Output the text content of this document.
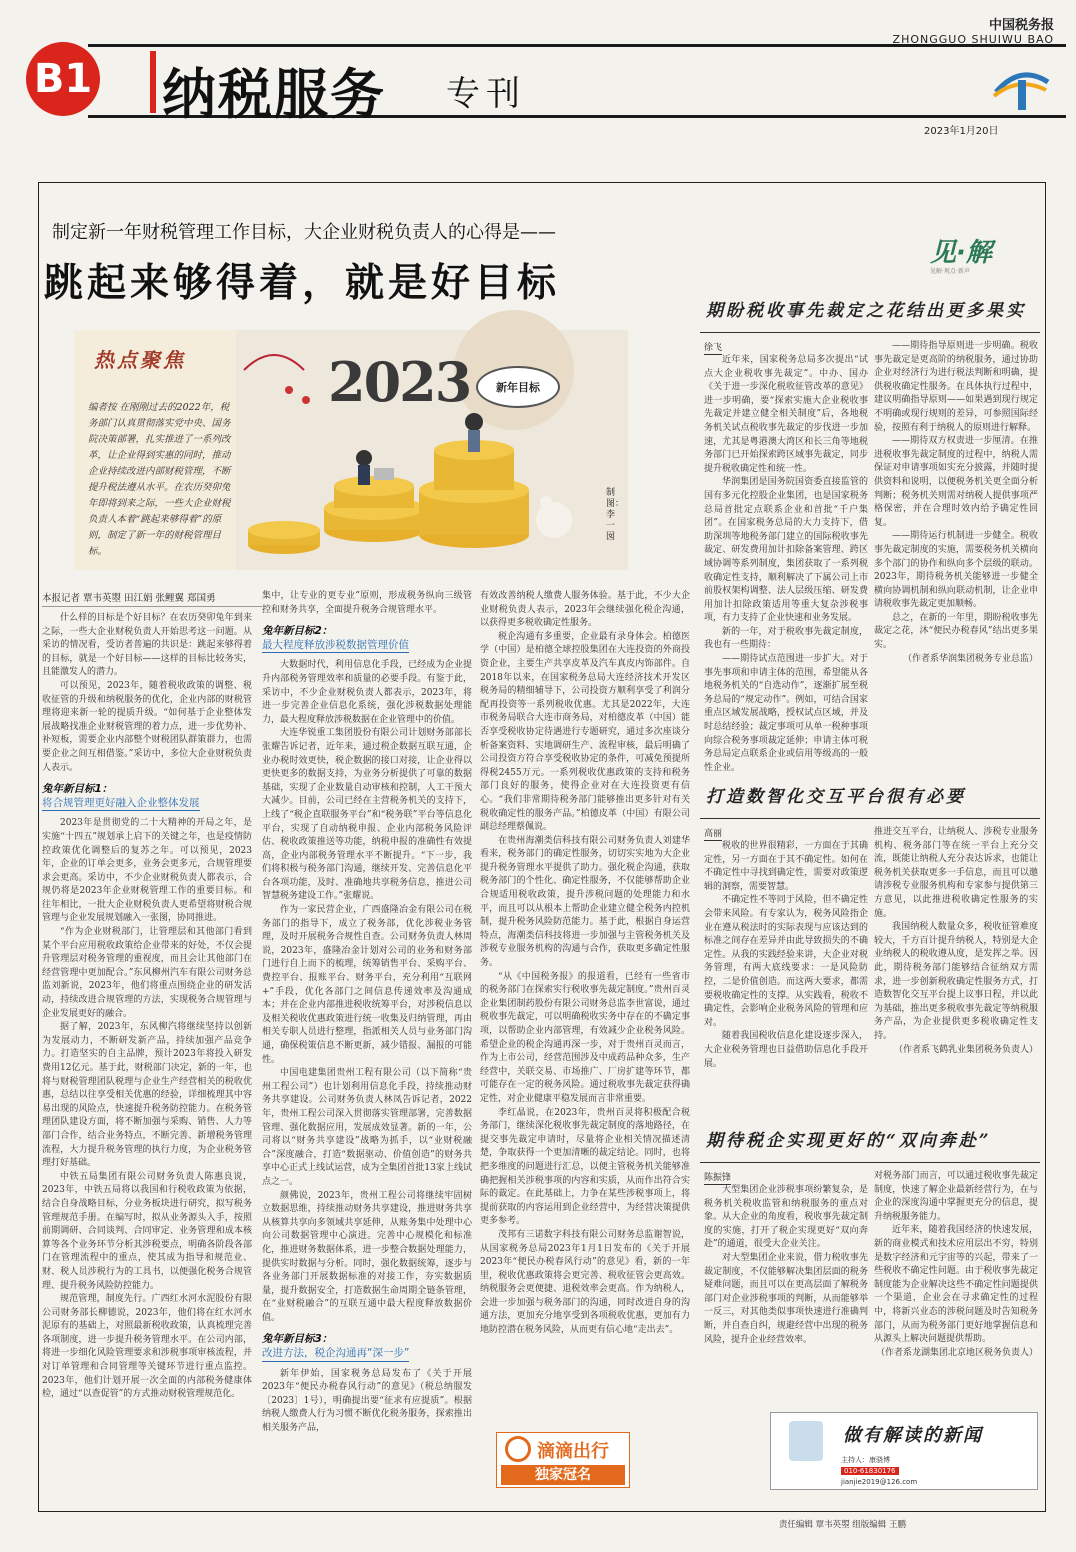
B1 纳税服务 专刊
中国税务报
ZHONGGUO SHUIWU BAO
2023年1月20日
制定新一年财税管理工作目标，大企业财税负责人的心得是——
跳起来够得着，就是好目标
热点聚焦
编者按 在刚刚过去的2022年，税务部门认真贯彻落实党中央、国务院决策部署，扎实推进了一系列改革，让企业得到实惠的同时，推动企业持续改进内部财税管理，不断提升税法遵从水平。在农历癸卯兔年即将到来之际，一些大企业财税负责人本着“跳起来够得着”的原则，制定了新一年的财税管理目标。
2023	新年目标
制图：李一囡
本报记者 覃韦英曌 田江娟 张鲤翼 郑国勇

什么样的目标是个好目标？在农历癸卯兔年到来之际，一些大企业财税负责人开始思考这一问题。从采访的情况看，受访者普遍的共识是：跳起来够得着的目标，就是一个好目标——这样的目标比较务实，且能激发人的潜力。

可以预见，2023年，随着税收政策的调整、税收征管的升级和纳税服务的优化，企业内部的财税管理将迎来新一轮的提质升级。“如何基于企业整体发展战略找准企业财税管理的着力点，进一步优势补、补短板，需要企业内部整个财税团队群策群力，也需要企业之间互相借鉴。”采访中，多位大企业财税负责人表示。

兔年新目标1：
将合规管理更好融入企业整体发展

2023年是贯彻党的二十大精神的开局之年，是实施“十四五”规划承上启下的关键之年，也是疫情防控政策优化调整后的复苏之年。可以预见，2023年，企业的订单会更多，业务会更多元，合规管理要求会更高。采访中，不少企业财税负责人都表示，合规仍将是2023年企业财税管理工作的重要目标。和往年相比，一批大企业财税负责人更希望将财税合规管理与企业发展规划融入一张图，协同推进。

“作为企业财税部门，让管理层和其他部门看到某个平台应用税收政策给企业带来的好处，不仅会提升管理层对税务管理的重视度，而且会让其他部门在经营管理中更加配合。”东风柳州汽车有限公司财务总监刘新说，2023年，他们将重点围绕企业的研发活动，持续改进合规管理的方法，实现税务合规管理与企业发展更好的融合。

据了解，2023年，东风柳汽将继续坚持以创新为发展动力，不断研发新产品，持续加强产品竞争力。打造坚实的自主品牌，预计2023年将投入研发费用12亿元。基于此，财税部门决定，新的一年，也将与财税管理团队税理与企业生产经营相关的税收优惠，总结以往享受相关优惠的经验，详细梳理其中容易出现的风险点，快速提升税务防控能力。在税务管理团队建设方面，将不断加强与采购、销售、人力等部门合作，结合业务特点，不断完善、新增税务管理流程，大力提升税务管理的执行力度，为企业税务管理打好基础。

中铁五局集团有限公司财务负责人陈惠良说，2023年，中铁五局将以我国和行税收政策为依据，结合自身战略目标，分业务板块进行研究，拟写税务管理规范手册。在编写时，拟从业务源头入手，按照前期调研、合同谈判、合同审定、业务管理和成本核算等各个业务环节分析其涉税要点，明确各阶段各部门在管理流程中的重点，使其成为指导和规范业、财、税人员涉税行为的工具书，以便强化税务合规管理、提升税务风险防控能力。

规范管理，制度先行。广西红水河水泥股份有限公司财务部长柳德说，2023年，他们将在红水河水泥原有的基础上，对照最新税收政策，认真梳理完善各项制度，进一步提升税务管理水平。在公司内部，将进一步细化风险管理要求和涉税事项审核流程，并对订单管理和合同管理等关键环节进行重点监控。2023年，他们计划开展一次全面的内部税务健康体检，通过“以查促管”的方式推动财税管理规范化。

集中，让专业的更专业”原则，形成税务纵向三级管控和财务共享，全面提升税务合规管理水平。

兔年新目标2：
最大程度释放涉税数据管理价值

大数据时代，利用信息化手段，已经成为企业提升内部税务管理效率和质量的必要手段。有鉴于此，采访中，不少企业财税负责人都表示，2023年，将进一步完善企业信息化系统，强化涉税数据处理能力，最大程度释放涉税数据在企业管理中的价值。

大连华锐重工集团股份有限公司计划财务部部长张耀告诉记者，近年来，通过税企数据互联互通，企业办税时效更快，税企数据的接口对接，让企业得以更快更多的数据支持，为业务分析提供了可靠的数据基础，实现了企业数量自动审核和控制，人工干预大大减少。目前，公司已经在主营税务机关的支持下，上线了“税企直联服务平台”和“税务联”平台等信息化平台，实现了自动纳税申报、企业内部税务风险评估、税收政策推送等功能，纳税申报的准确性有效提高，企业内部税务管理水平不断提升。“下一步，我们将积极与税务部门沟通，继续开发、完善信息化平台各项功能，及时、准确地共享税务信息，推进公司智慧税务建设工作。”张耀说。

作为一家民营企业，广西盛隆冶金有限公司在税务部门的指导下，成立了税务部，优化涉税业务管理，及时开展税务合规性自查。公司财务负责人林周说，2023年，盛隆冶金计划对公司的业务和财务部门进行自上而下的梳理，统筹销售平台、采购平台、费控平台、报账平台、财务平台，充分利用“互联网+”手段，优化各部门之间信息传递效率及沟通成本；并在企业内部推进税收统筹平台，对涉税信息以及相关税收优惠政策进行统一收集及归纳管理，再由相关专职人员进行整理，指派相关人员与业务部门沟通，确保税策信息不断更新，减少错报、漏报的可能性。

中国电建集团贵州工程有限公司（以下简称“贵州工程公司”）也计划利用信息化手段，持续推动财务共享建设。公司财务负责人林凤告诉记者，2022年，贵州工程公司深入贯彻落实管理部署，完善数据管理、强化数据应用，发展成效显著。新的一年，公司将以“财务共享建设”战略为抓手，以“业财税融合”深度融合，打造“数据驱动、价值创造”的财务共享中心正式上线试运营，成为全集团首批13家上线试点之一。

颜佛说，2023年，贵州工程公司将继续牢固树立数据思维，持续推动财务共享建设，推进财务共享从核算共享向多领域共享延伸，从账务集中处理中心向公司数据管理中心演进。完善中心规模化和标准化，推进财务数据体系，进一步整合数据处理能力，提供实时数据与分析。同时，强化数据统筹，逐步与各业务部门开展数据标准的对接工作，夯实数据质量，提升数据安全，打造数据生命周期全链条管理，在“业财税融合”的互联互通中最大程度释放数据价值。

兔年新目标3：
改进方法，税企沟通再“深一步”

新年伊始，国家税务总局发布了《关于开展2023年“便民办税春风行动”的意见》（税总纳服发〔2023〕1号），明确提出要“征求有应提质”。根据纳税人缴费人行为习惯不断优化税务服务，探索推出相关服务产品，

有效改善纳税人缴费人服务体验。基于此，不少大企业财税负责人表示，2023年会继续强化税企沟通，以获得更多税收确定性服务。

税企沟通有多重要，企业最有录身体会。柏德医学（中国）是柏德全球控股集团在大连投资的外商投资企业，主要生产共享皮革及汽车真皮内饰部件。自2018年以来，在国家税务总局大连经济技术开发区税务局的精细辅导下，公司投资方顺利享受了利润分配再投资等一系列税收优惠。尤其是2022年，大连市税务局联合大连市商务局，对柏德皮革（中国）能否享受税收协定待遇进行专题研究，通过多次座谈分析备案资料、实地调研生产、流程审核，最后明确了公司投资方符合享受税收协定的条件，可减免预提所得税2455万元。一系列税收优惠政策的支持和税务部门良好的服务，使得企业对在大连投资更有信心。“我们非常期待税务部门能够推出更多针对有关税收确定性的服务产品。”柏德皮革（中国）有限公司副总经理蔡佩说。

在贵州海潮类信科技有限公司财务负责人刘建华看来，税务部门的确定性服务，切切实实地为大企业提升税务管理水平提供了助力。强化税企沟通，获取税务部门的个性化、确定性服务，不仅能够帮助企业合规适用税收政策，提升涉税问题的处理能力和水平，而且可以从根本上帮助企业建立健全税务内控机制，提升税务风险防范能力。基于此，根据自身运营特点，海潮类信科技将进一步加强与主管税务机关及涉税专业服务机构的沟通与合作，获取更多确定性服务。

“从《中国税务报》的报道看，已经有一些省市的税务部门在探索实行税收事先裁定制度。”贵州百灵企业集团制药股份有限公司财务总监李世富说，通过税收事先裁定，可以明确税收实务中存在的不确定事项，以帮助企业内部管理，有效减少企业税务风险。希望企业的税企沟通再深一步，对于贵州百灵而言，作为上市公司，经营范围涉及中成药品种众多，生产经营中，关联交易、市场推广、厂房扩建等环节，都可能存在一定的税务风险。通过税收事先裁定获得确定性，对企业健康平稳发展而言非常重要。

李红晶说，在2023年，贵州百灵将积极配合税务部门，继续深化税收事先裁定制度的落地路径，在提交事先裁定申请时，尽量将企业相关情况描述清楚，争取获得一个更加清晰的裁定结论。同时，也将把多维度的问题进行汇总，以便主管税务机关能够准确把握相关涉税事项的内容和实质，从而作出符合实际的裁定。在此基础上，力争在某些涉税事项上，将提前获取的内容运用到企业经营中，为经营决策提供更多参考。

茂邦有三诺数字科技有限公司财务总监谢智说，从国家税务总局2023年1月1日发布的《关于开展2023年“便民办税春风行动”的意见》看，新的一年里，税收优惠政策将会更完善、税收征管会更高效。纳税服务会更便捷、退税效率会更高。作为纳税人，会进一步加强与税务部门的沟通，同时改进自身的沟通方法，更加充分地享受到各项税收优惠，更加有力地防控潜在税务风险，从而更有信心地“走出去”。

滴滴出行
独家冠名
见·解
见解·观点·新声
期盼税收事先裁定之花结出更多果实
徐飞

近年来，国家税务总局多次提出“试点大企业税收事先裁定”。中办、国办《关于进一步深化税收征管改革的意见》进一步明确，要“探索实施大企业税收事先裁定并建立健全相关制度”后，各地税务机关试点税收事先裁定的步伐进一步加速，尤其是粤港澳大湾区和长三角等地税务部门已开始探索跨区域事先裁定，同步提升税收确定性和统一性。

华润集团是国务院国资委直接监管的国有多元化控股企业集团，也是国家税务总局首批定点联系企业和首批“千户集团”。在国家税务总局的大力支持下，借助深圳等地税务部门建立的国际税收事先裁定、研发费用加计扣除备案管理、跨区域协调等系列制度，集团获取了一系列税收确定性支持，顺利解决了下属公司上市前股权架构调整、法人层级压缩、研发费用加计扣除政策适用等重大复杂涉税事项，有力支持了企业快速和业务发展。

新的一年，对于税收事先裁定制度，我也有一些期待：

——期待试点范围进一步扩大。对于事先事项和申请主体的范围，希望能从各地税务机关的“自选动作”，逐渐扩展至税务总局的“规定动作”。例如，可结合国家重点区域发展战略，授权试点区域，并及时总结经验；裁定事项可从单一税种事项向综合税务事项裁定延伸；申请主体可税务总局定点联系企业或信用等级高的一般性企业。

——期待指导原则进一步明确。税收事先裁定是更高阶的纳税服务，通过协助企业对经济行为进行税法判断和明确，提供税收确定性服务。在具体执行过程中，建议明确指导原则——如果遇到现行规定不明确或现行规则的差异，可参照国际经验，按照有利于纳税人的原则进行解释。

——期待双方权责进一步厘清。在推进税收事先裁定制度的过程中，纳税人需保证对申请事项如实充分披露，并随时提供资料和说明，以便税务机关更全面分析判断；税务机关则需对纳税人提供事项严格保密，并在合理时效内给予确定性回复。

——期待运行机制进一步健全。税收事先裁定制度的实施，需要税务机关横向多个部门的协作和纵向多个层级的联动。2023年，期待税务机关能够进一步健全横向协调机制和纵向联动机制，让企业申请税收事先裁定更加顺畅。

总之，在新的一年里，期盼税收事先裁定之花，沐“便民办税春风”结出更多果实。

（作者系华润集团税务专业总监）

打造数智化交互平台很有必要
高丽

税收的世界很精彩，一方面在于其确定性，另一方面在于其不确定性。如何在不确定性中寻找到确定性，需要对政策逻辑的洞察，需要智慧。

不确定性不等同于风险，但不确定性会带来风险。有专家认为，税务风险指企业在遵从税法时的实际表现与应该达到的标准之间存在差异并由此导致损失的不确定性。从我的实践经验来讲，大企业对税务管理，有两大底线要求：一是风险防控，二是价值创造。而这两大要求，都需要税收确定性的支撑。从实践看，税收不确定性，会影响企业税务风险的管理和应对。

随着我国税收信息化建设逐步深入，大企业税务管理也日益借助信息化手段开展。

推进交互平台，让纳税人、涉税专业服务机构、税务部门等在统一平台上充分交流，既能让纳税人充分表达诉求，也能让税务机关获取更多一手信息，而且可以邀请涉税专业服务机构和专家参与提供第三方意见，以此推进税收确定性服务的实施。

我国纳税人数量众多，税收征管难度较大，千方百计提升纳税人，特别是大企业纳税人的税收遵从度，是发挥之举。因此，期待税务部门能够结合征纳双方需求，进一步创新税收确定性服务方式，打造数智化交互平台提上议事日程，并以此为基础，推出更多税收事先裁定等纳税服务产品，为企业提供更多税收确定性支持。

（作者系飞鹤乳业集团税务负责人）

期待税企实现更好的“双向奔赴”
陈振锋

大型集团企业涉税事项纷繁复杂，是税务机关税收监管和纳税服务的重点对象。从大企业的角度看，税收事先裁定制度的实施，打开了税企实现更好“双向奔赴”的通道，很受大企业关注。

对大型集团企业来说，借力税收事先裁定制度，不仅能够解决集团层面的税务疑难问题，而且可以在更高层面了解税务部门对企业涉税事项的判断，从而能够举一反三，对其他类似事项快速进行准确判断，并自查自纠，规避经营中出现的税务风险，提升企业经营效率。

对税务部门而言，可以通过税收事先裁定制度，快速了解企业最新经营行为，在与企业的深度沟通中掌握更充分的信息，提升纳税服务能力。

近年来，随着我国经济的快速发展，新的商业模式和技术应用层出不穷，特别是数字经济和元宇宙等的兴起，带来了一些税收不确定性问题。由于税收事先裁定制度能为企业解决这些不确定性问题提供一个渠道，企业会在寻求确定性的过程中，将新兴业态的涉税问题及时告知税务部门，从而为税务部门更好地掌握信息和从源头上解决问题提供帮助。

（作者系龙湖集团北京地区税务负责人）

做有解读的新闻
主持人：康骁博
010-61830176
jianjie2019@126.com
责任编辑 覃韦英曌 组版编辑 王鹏
